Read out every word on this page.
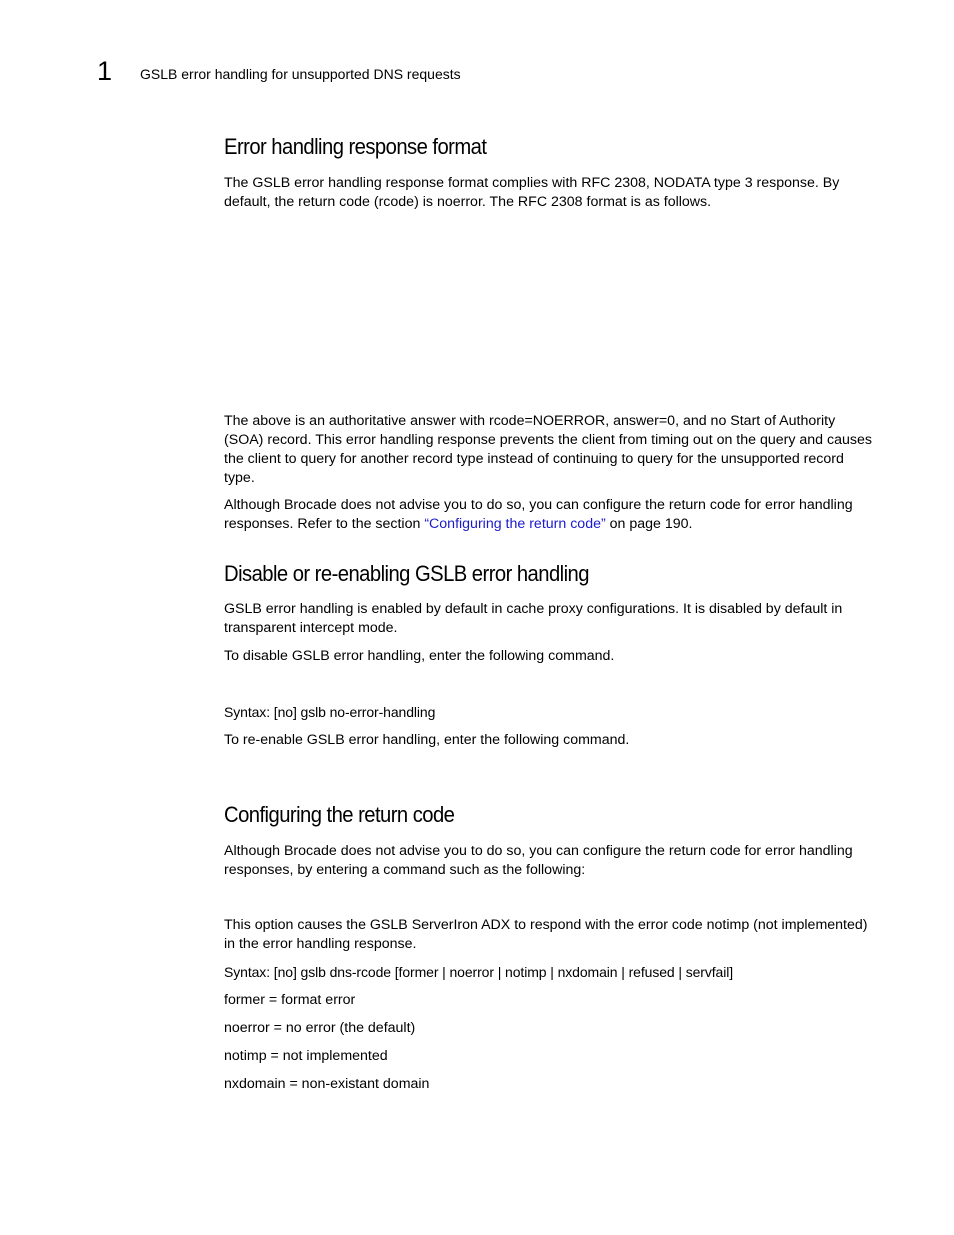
1 GSLB error handling for unsupported DNS requests
Error handling response format

The GSLB error handling response format complies with RFC 2308, NODATA type 3 response. By default, the return code (rcode) is noerror. The RFC 2308 format is as follows.

The above is an authoritative answer with rcode=NOERROR, answer=0, and no Start of Authority (SOA) record. This error handling response prevents the client from timing out on the query and causes the client to query for another record type instead of continuing to query for the unsupported record type.

Although Brocade does not advise you to do so, you can configure the return code for error handling responses. Refer to the section “Configuring the return code” on page 190.

Disable or re-enabling GSLB error handling

GSLB error handling is enabled by default in cache proxy configurations. It is disabled by default in transparent intercept mode.

To disable GSLB error handling, enter the following command.

Syntax: [no] gslb no-error-handling

To re-enable GSLB error handling, enter the following command.

Configuring the return code

Although Brocade does not advise you to do so, you can configure the return code for error handling responses, by entering a command such as the following:

This option causes the GSLB ServerIron ADX to respond with the error code notimp (not implemented) in the error handling response.

Syntax: [no] gslb dns-rcode [former | noerror | notimp | nxdomain | refused | servfail]

former = format error

noerror = no error (the default)

notimp = not implemented

nxdomain = non-existant domain
